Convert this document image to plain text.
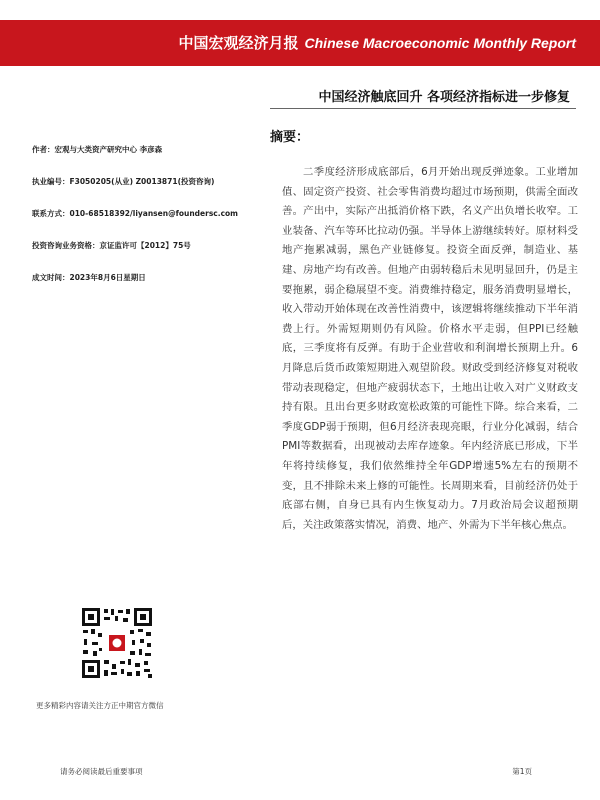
中国宏观经济月报 Chinese Macroeconomic Monthly Report
中国经济触底回升 各项经济指标进一步修复
摘要：
作者：宏观与大类资产研究中心 李彦森
执业编号：F3050205(从业) Z0013871(投资咨询)
联系方式：010-68518392/liyansen@foundersc.com
投资咨询业务资格：京证监许可【2012】75号
成文时间：2023年8月6日星期日
二季度经济形成底部后，6月开始出现反弹迹象。工业增加值、固定资产投资、社会零售消费均超过市场预期，供需全面改善。产出中，实际产出抵消价格下跌，名义产出负增长收窄。工业装备、汽车等环比拉动仍强。半导体上游继续转好。原材料受地产拖累减弱，黑色产业链修复。投资全面反弹，制造业、基建、房地产均有改善。但地产由弱转稳后未见明显回升，仍是主要拖累，弱企稳展望不变。消费维持稳定，服务消费明显增长，收入带动开始体现在改善性消费中，该逻辑将继续推动下半年消费上行。外需短期则仍有风险。价格水平走弱，但PPI已经触底，三季度将有反弹。有助于企业营收和利润增长预期上升。6月降息后货币政策短期进入观望阶段。财政受到经济修复对税收带动表现稳定，但地产疲弱状态下，土地出让收入对广义财政支持有限。且出台更多财政宽松政策的可能性下降。综合来看，二季度GDP弱于预期，但6月经济表现亮眼，行业分化减弱，结合PMI等数据看，出现被动去库存迹象。年内经济底已形成，下半年将持续修复，我们依然维持全年GDP增速5%左右的预期不变，且不排除未来上修的可能性。长周期来看，目前经济仍处于底部右侧，自身已具有内生恢复动力。7月政治局会议超预期后，关注政策落实情况，消费、地产、外需为下半年核心焦点。
更多精彩内容请关注方正中期官方微信
请务必阅读最后重要事项	第1页
